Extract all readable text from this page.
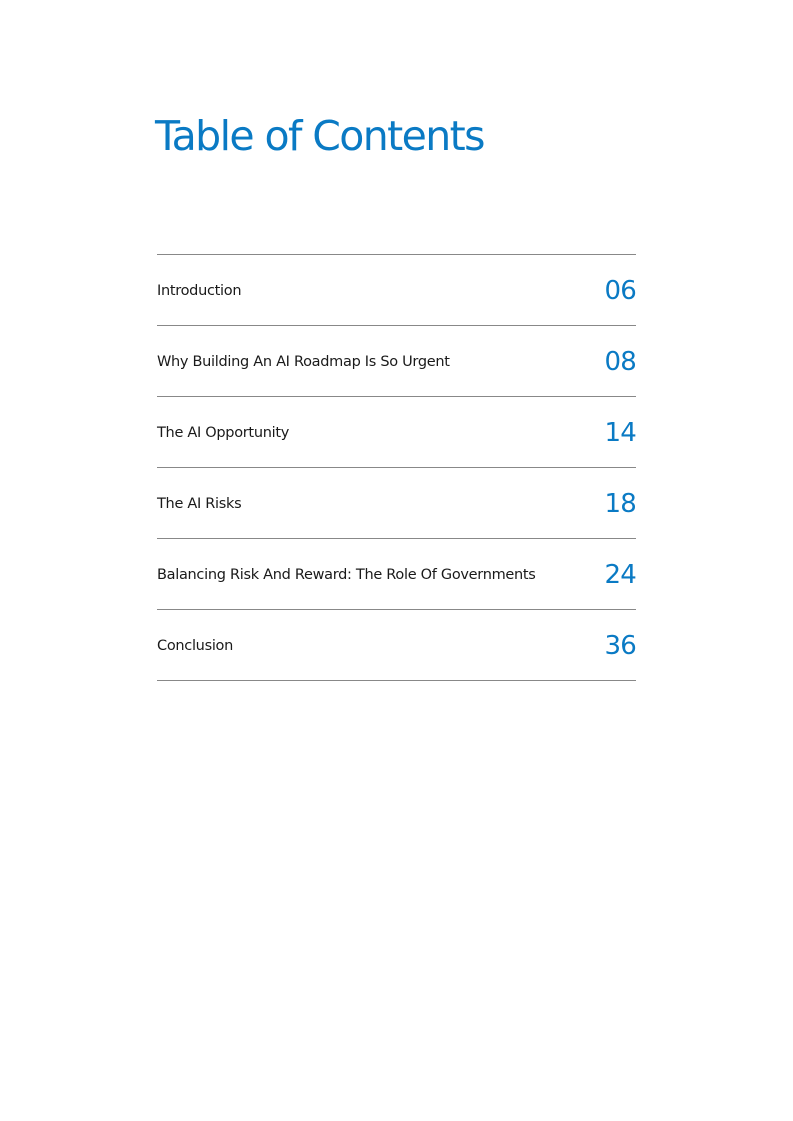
Table of Contents
Introduction	06
Why Building An AI Roadmap Is So Urgent	08
The AI Opportunity	14
The AI Risks	18
Balancing Risk And Reward: The Role Of Governments	24
Conclusion	36
